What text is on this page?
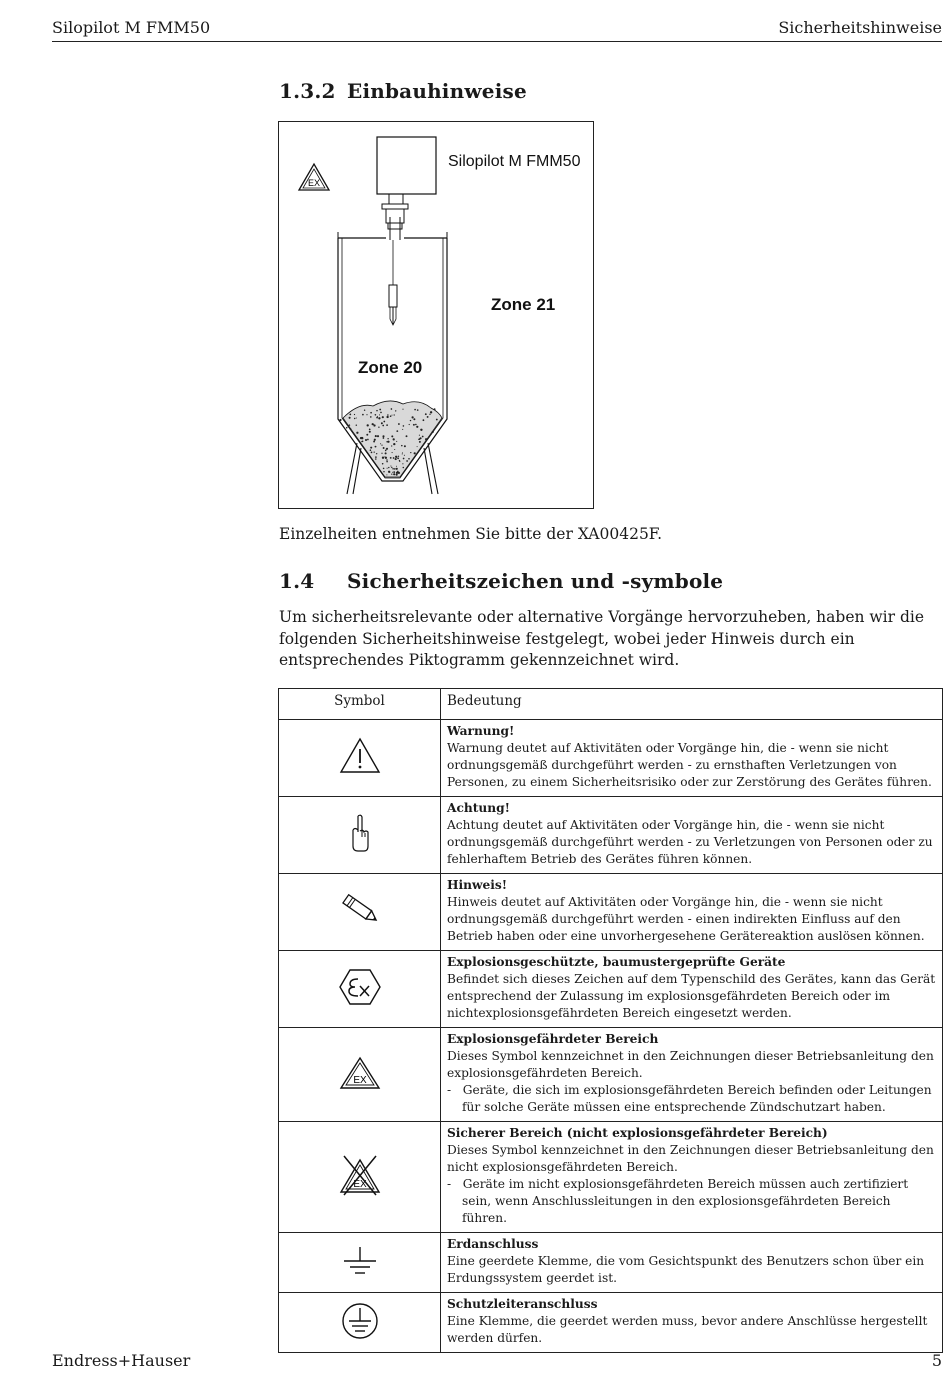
Silopilot M FMM50	Sicherheitshinweise
1.3.2 Einbauhinweise
EX
Silopilot M FMM50
Zone 21
Zone 20
Einzelheiten entnehmen Sie bitte der XA00425F.
1.4 Sicherheitszeichen und -symbole
Um sicherheitsrelevante oder alternative Vorgänge hervorzuheben, haben wir die folgenden Sicherheitshinweise festgelegt, wobei jeder Hinweis durch ein entsprechendes Piktogramm gekennzeichnet wird.
Symbol	Bedeutung

Warnung!
Warnung deutet auf Aktivitäten oder Vorgänge hin, die - wenn sie nicht ordnungsgemäß durchgeführt werden - zu ernsthaften Verletzungen von Personen, zu einem Sicherheitsrisiko oder zur Zerstörung des Gerätes führen.

Achtung!
Achtung deutet auf Aktivitäten oder Vorgänge hin, die - wenn sie nicht ordnungsgemäß durchgeführt werden - zu Verletzungen von Personen oder zu fehlerhaftem Betrieb des Gerätes führen können.

Hinweis!
Hinweis deutet auf Aktivitäten oder Vorgänge hin, die - wenn sie nicht ordnungsgemäß durchgeführt werden - einen indirekten Einfluss auf den Betrieb haben oder eine unvorhergesehene Gerätereaktion auslösen können.

Explosionsgeschützte, baumustergeprüfte Geräte
Befindet sich dieses Zeichen auf dem Typenschild des Gerätes, kann das Gerät entsprechend der Zulassung im explosionsgefährdeten Bereich oder im nichtexplosionsgefährdeten Bereich eingesetzt werden.

EX	Explosionsgefährdeter Bereich
Dieses Symbol kennzeichnet in den Zeichnungen dieser Betriebsanleitung den explosionsgefährdeten Bereich.
- Geräte, die sich im explosionsgefährdeten Bereich befinden oder Leitungen für solche Geräte müssen eine entsprechende Zündschutzart haben.

EX	Sicherer Bereich (nicht explosionsgefährdeter Bereich)
Dieses Symbol kennzeichnet in den Zeichnungen dieser Betriebsanleitung den nicht explosionsgefährdeten Bereich.
- Geräte im nicht explosionsgefährdeten Bereich müssen auch zertifiziert sein, wenn Anschlussleitungen in den explosionsgefährdeten Bereich führen.

Erdanschluss
Eine geerdete Klemme, die vom Gesichtspunkt des Benutzers schon über ein Erdungssystem geerdet ist.

Schutzleiteranschluss
Eine Klemme, die geerdet werden muss, bevor andere Anschlüsse hergestellt werden dürfen.
Endress+Hauser	5
